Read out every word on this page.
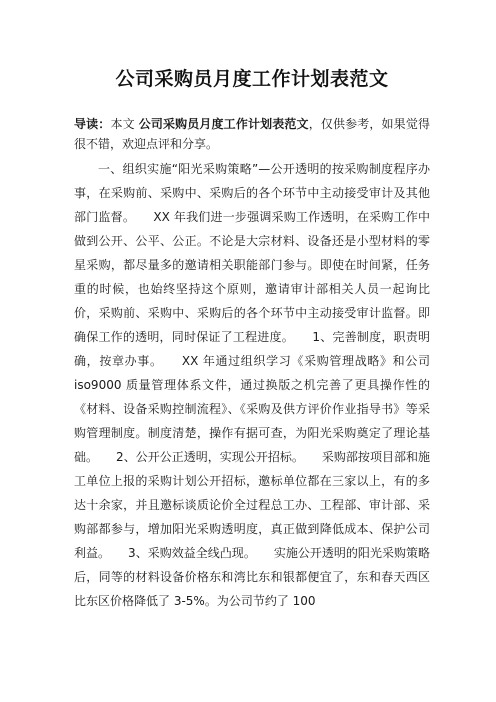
公司采购员月度工作计划表范文

导读：本文 公司采购员月度工作计划表范文，仅供参考，如果觉得很不错，欢迎点评和分享。

一、组织实施“阳光采购策略”—公开透明的按采购制度程序办事，在采购前、采购中、采购后的各个环节中主动接受审计及其他部门监督。　　XX 年我们进一步强调采购工作透明，在采购工作中做到公开、公平、公正。不论是大宗材料、设备还是小型材料的零星采购，都尽量多的邀请相关职能部门参与。即使在时间紧，任务重的时候，也始终坚持这个原则，邀请审计部相关人员一起询比价，采购前、采购中、采购后的各个环节中主动接受审计监督。即确保工作的透明，同时保证了工程进度。　　1、完善制度，职责明确，按章办事。　　XX 年通过组织学习《采购管理战略》和公司 iso9000 质量管理体系文件，通过换版之机完善了更具操作性的《材料、设备采购控制流程》、《采购及供方评价作业指导书》等采购管理制度。制度清楚，操作有据可查，为阳光采购奠定了理论基础。　　2、公开公正透明，实现公开招标。　　采购部按项目部和施工单位上报的采购计划公开招标，邀标单位都在三家以上，有的多达十余家，并且邀标谈质论价全过程总工办、工程部、审计部、采购部都参与，增加阳光采购透明度，真正做到降低成本、保护公司利益。　　3、采购效益全线凸现。　　实施公开透明的阳光采购策略后，同等的材料设备价格东和湾比东和银都便宜了，东和春天西区比东区价格降低了 3-5%。为公司节约了 100
